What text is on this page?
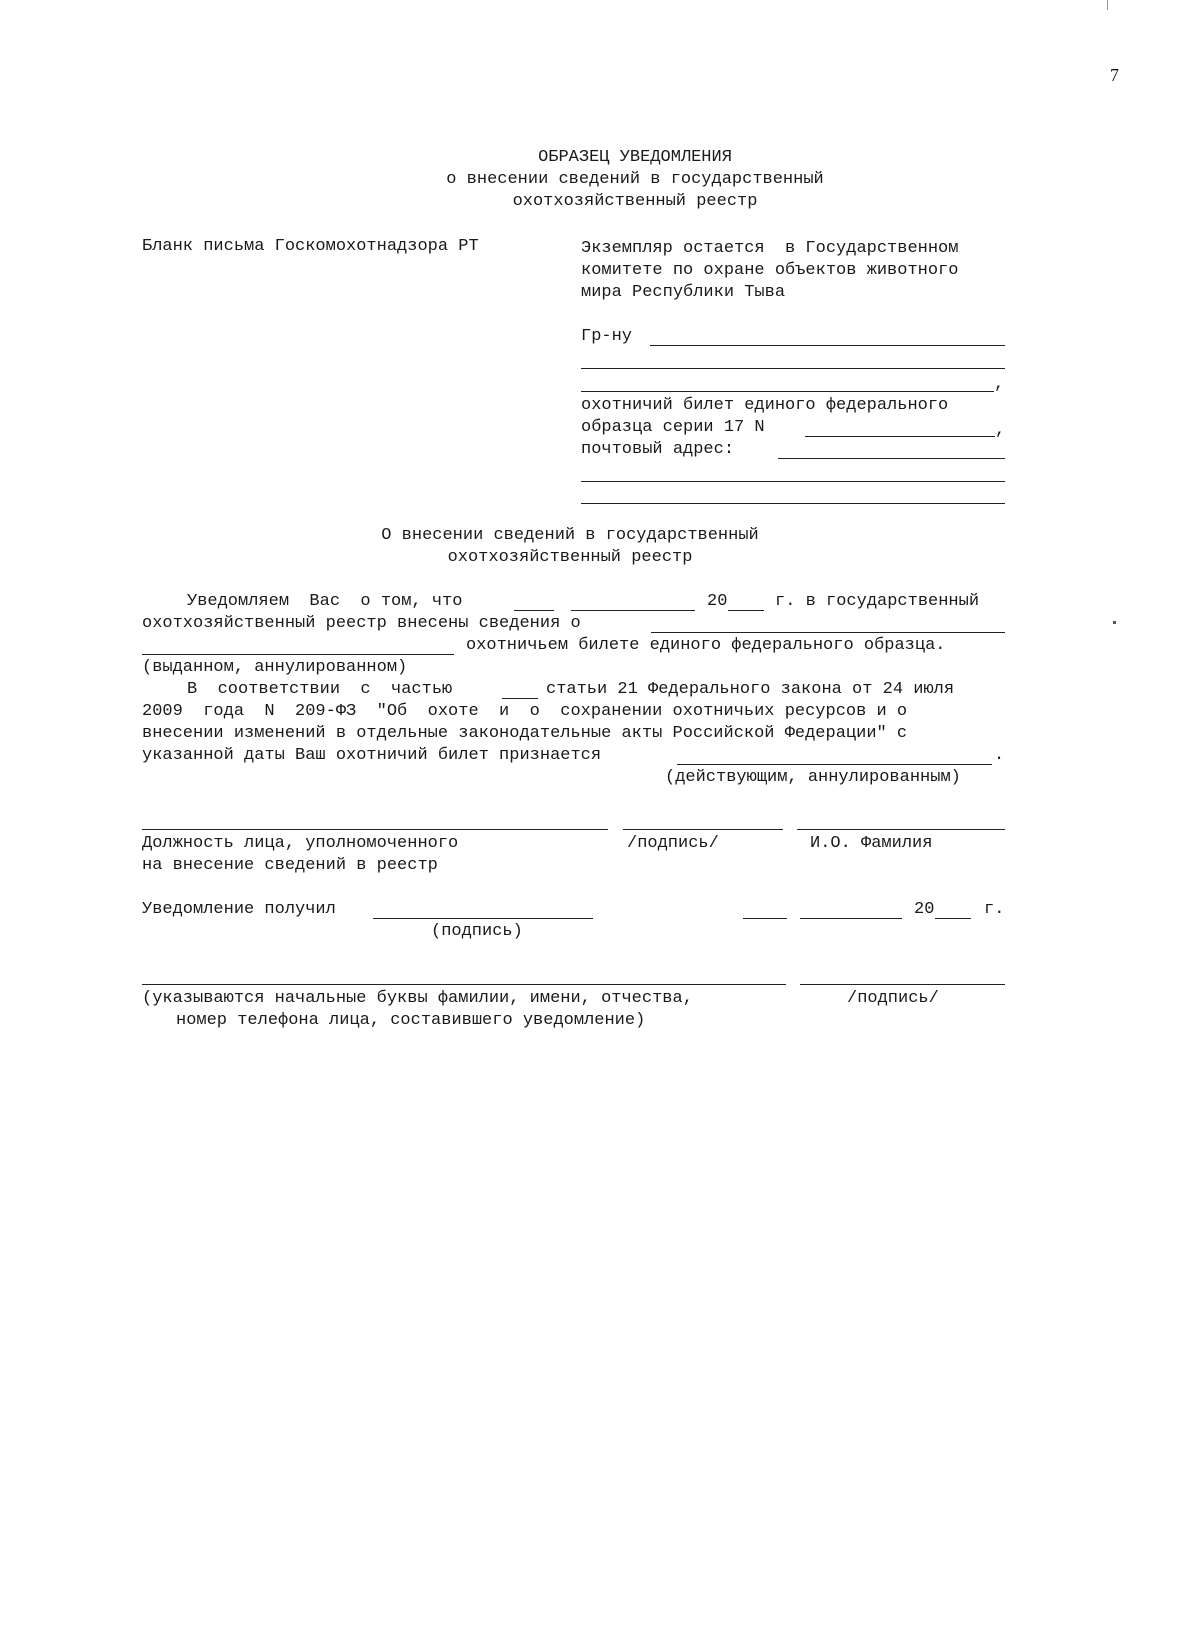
7
ОБРАЗЕЦ УВЕДОМЛЕНИЯ
о внесении сведений в государственный
охотхозяйственный реестр
Бланк письма Госкомохотнадзора РТ	Экземпляр остается  в Государственном
комитете по охране объектов животного
мира Республики Тыва
Гр-ну
,
охотничий билет единого федерального
образца серии 17 N	,
почтовый адрес:
О внесении сведений в государственный
охотхозяйственный реестр
Уведомляем  Вас  о том, что	20	г. в государственный
охотхозяйственный реестр внесены сведения о
охотничьем билете единого федерального образца.
(выданном, аннулированном)
В  соответствии  с  частью	статьи 21 Федерального закона от 24 июля
2009  года  N  209-ФЗ  "Об  охоте  и  о  сохранении охотничьих ресурсов и о
внесении изменений в отдельные законодательные акты Российской Федерации" с
указанной даты Ваш охотничий билет признается	.
(действующим, аннулированным)
Должность лица, уполномоченного
на внесение сведений в реестр
/подпись/	И.О. Фамилия
Уведомление получил
(подпись)
20	г.
(указываются начальные буквы фамилии, имени, отчества,
номер телефона лица, составившего уведомление)
/подпись/
